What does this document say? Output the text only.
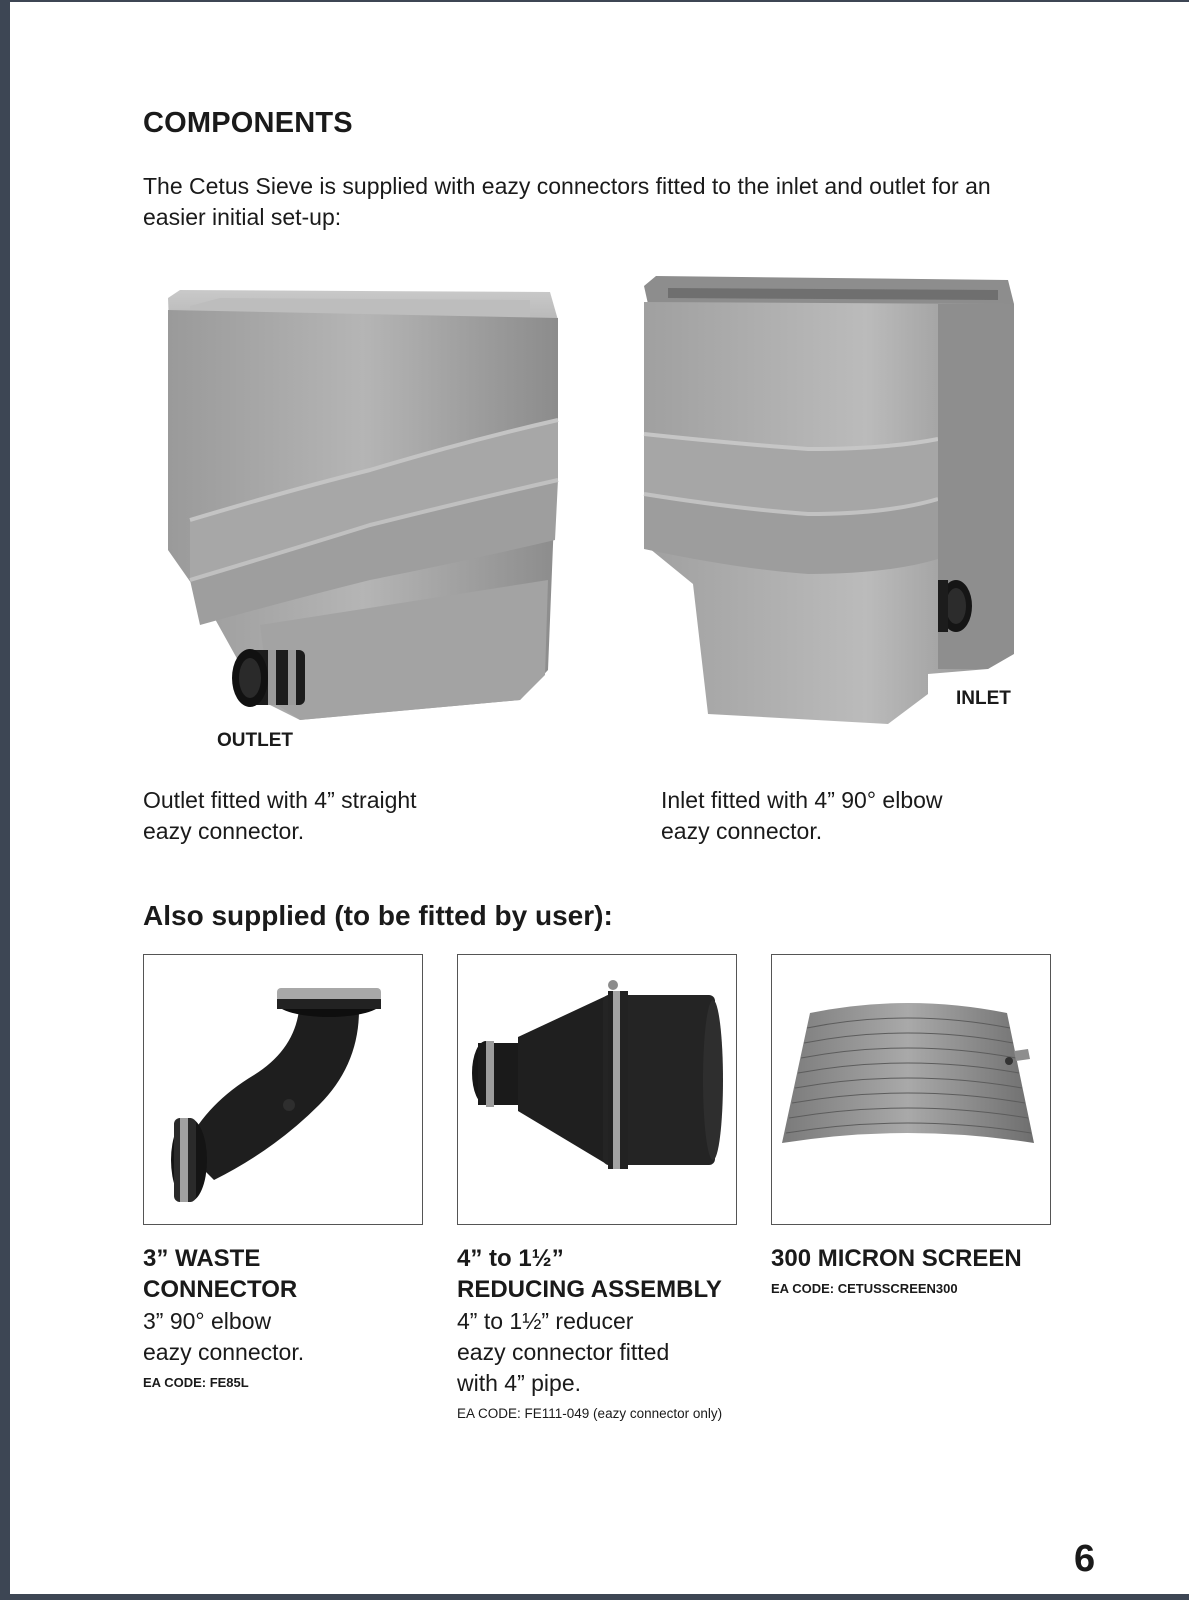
COMPONENTS

The Cetus Sieve is supplied with eazy connectors fitted to the inlet and outlet for an easier initial set-up:

OUTLET
INLET

Outlet fitted with 4” straight

eazy connector.

Inlet fitted with 4” 90° elbow

eazy connector.

Also supplied (to be fitted by user):

3” WASTE

CONNECTOR

3” 90° elbow

eazy connector.

EA CODE: FE85L

4” to 1½”

REDUCING ASSEMBLY

4” to 1½” reducer

eazy connector fitted

with 4” pipe.

EA CODE: FE111-049 (eazy connector only)

300 MICRON SCREEN

EA CODE: CETUSSCREEN300
6
